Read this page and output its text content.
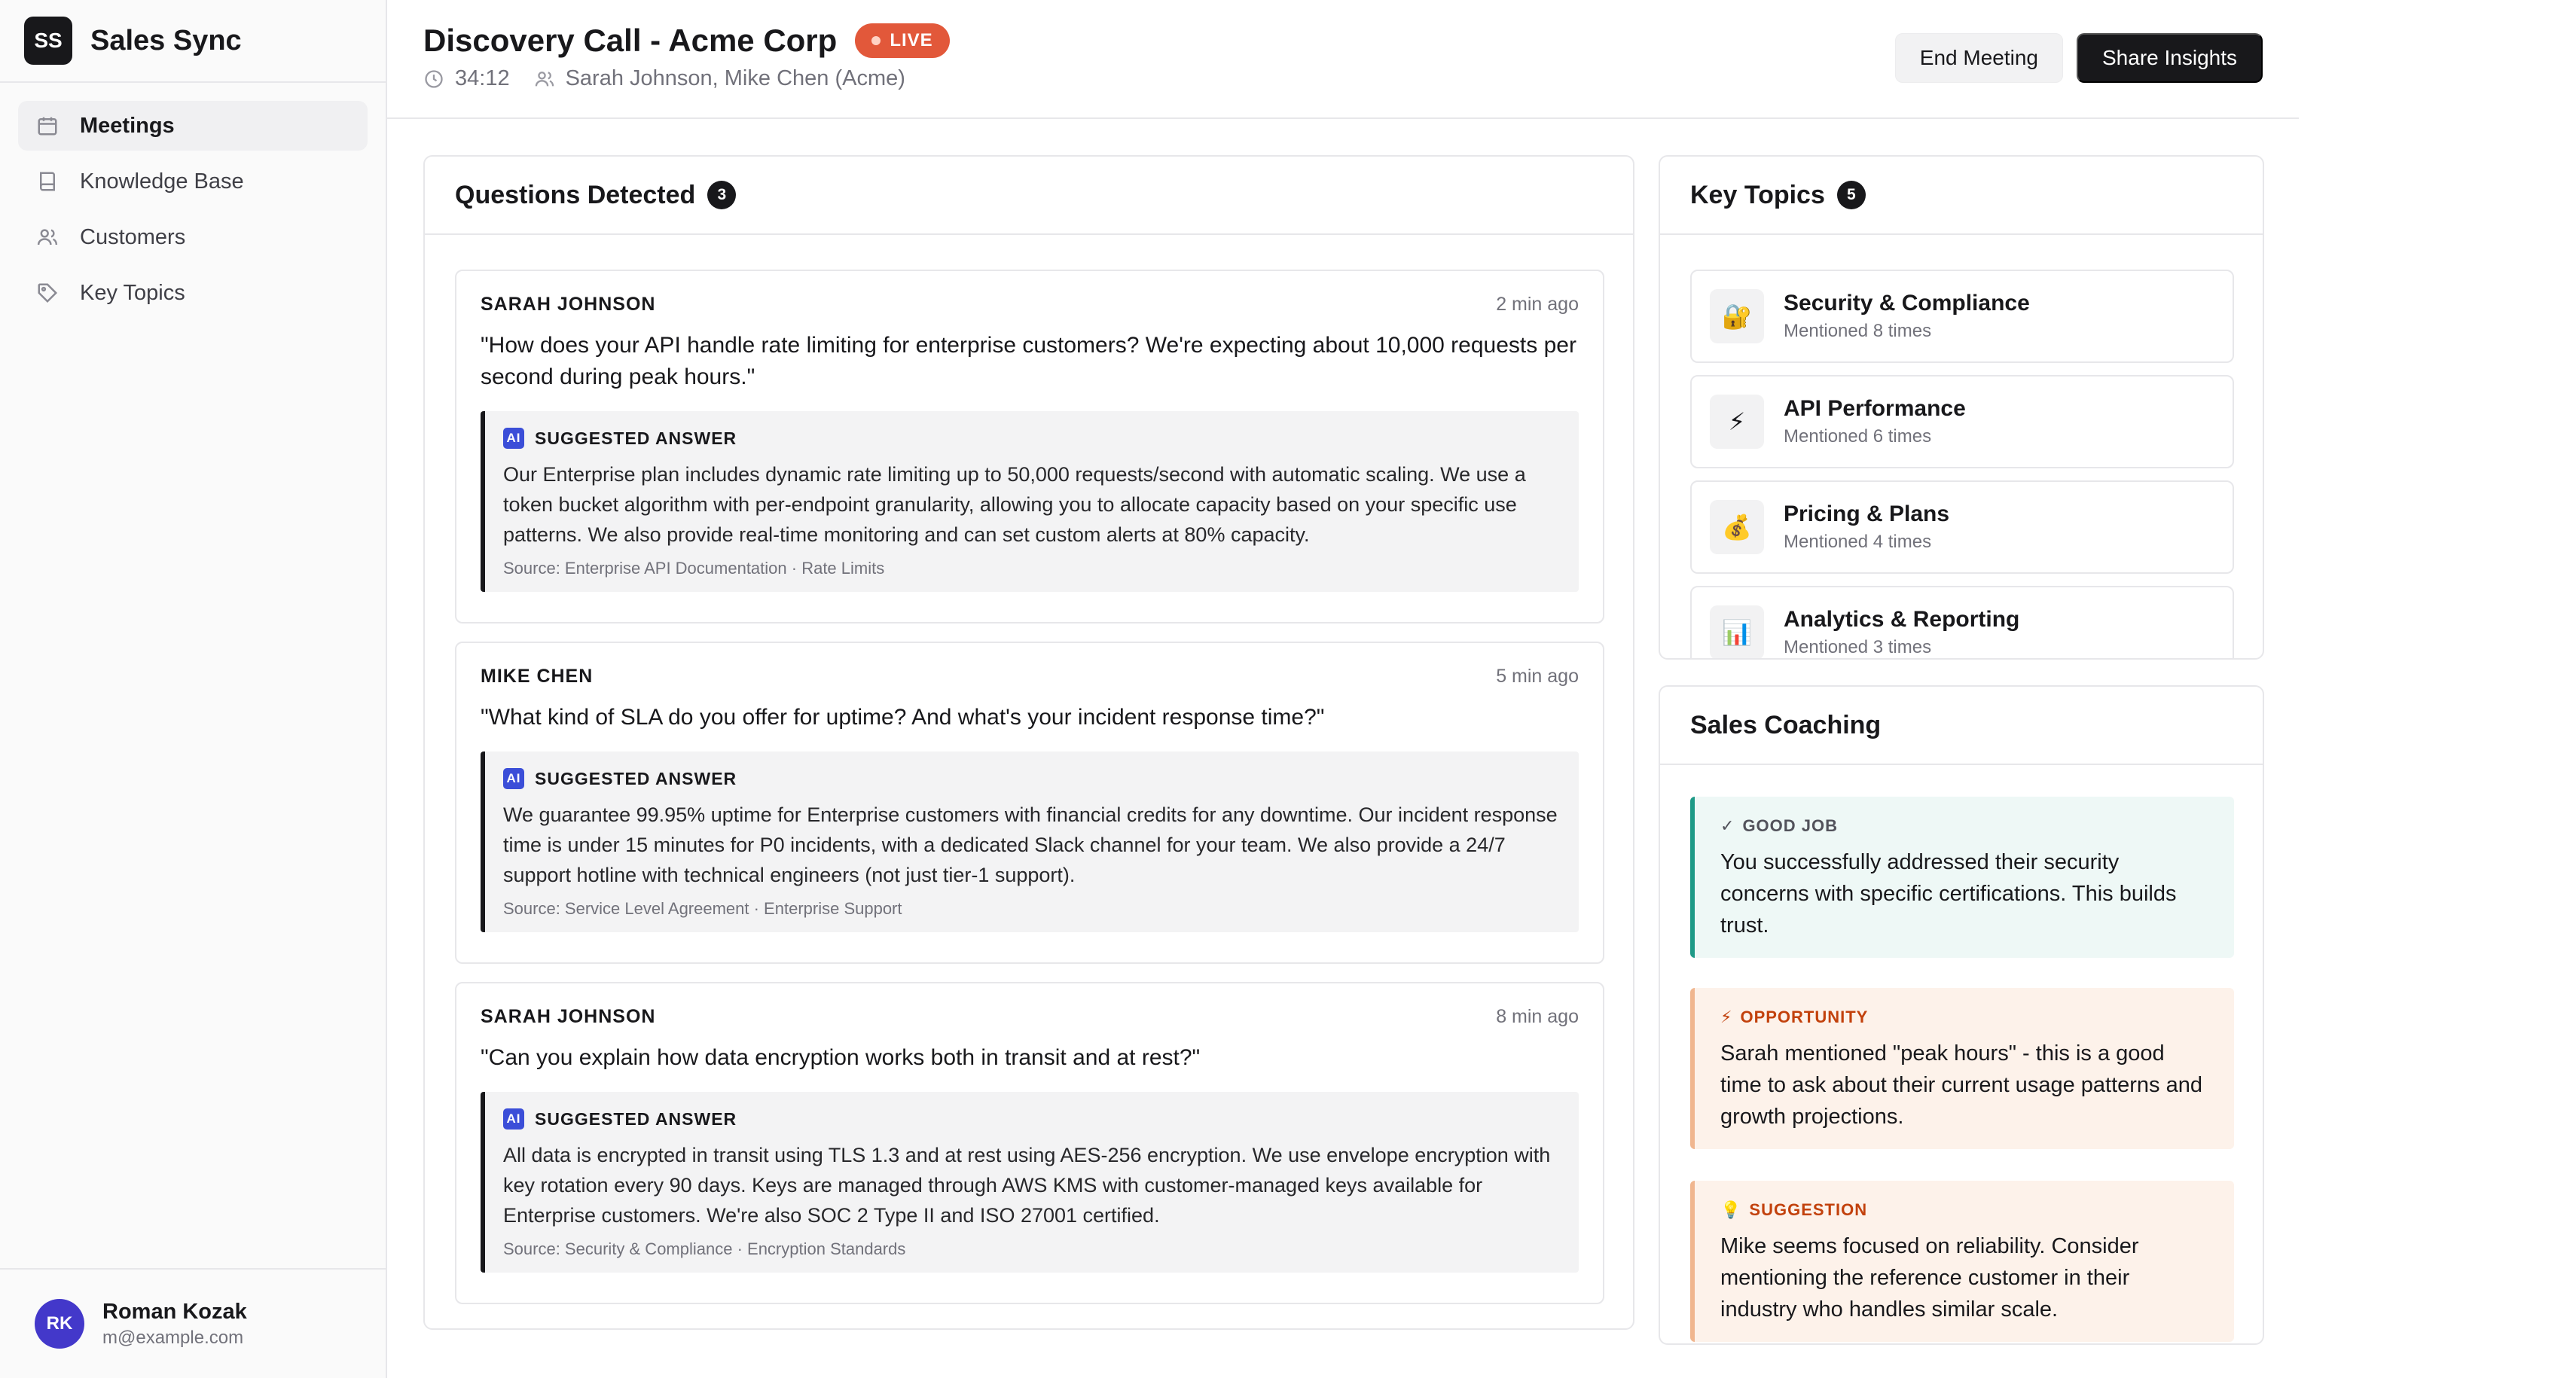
SS Sales Sync
Meetings
Knowledge Base
Customers
Key Topics
RK	Roman Kozak
m@example.com
Discovery Call - Acme Corp	LIVE
34:12	Sarah Johnson, Mike Chen (Acme)
End Meeting	Share Insights
Questions Detected	3
SARAH JOHNSON	2 min ago

"How does your API handle rate limiting for enterprise customers? We're expecting about 10,000 requests per second during peak hours."

AI SUGGESTED ANSWER

Our Enterprise plan includes dynamic rate limiting up to 50,000 requests/second with automatic scaling. We use a token bucket algorithm with per-endpoint granularity, allowing you to allocate capacity based on your specific use patterns. We also provide real-time monitoring and can set custom alerts at 80% capacity.

Source: Enterprise API Documentation · Rate Limits

MIKE CHEN	5 min ago

"What kind of SLA do you offer for uptime? And what's your incident response time?"

AI SUGGESTED ANSWER

We guarantee 99.95% uptime for Enterprise customers with financial credits for any downtime. Our incident response time is under 15 minutes for P0 incidents, with a dedicated Slack channel for your team. We also provide a 24/7 support hotline with technical engineers (not just tier-1 support).

Source: Service Level Agreement · Enterprise Support

SARAH JOHNSON	8 min ago

"Can you explain how data encryption works both in transit and at rest?"

AI SUGGESTED ANSWER

All data is encrypted in transit using TLS 1.3 and at rest using AES-256 encryption. We use envelope encryption with key rotation every 90 days. Keys are managed through AWS KMS with customer-managed keys available for Enterprise customers. We're also SOC 2 Type II and ISO 27001 certified.

Source: Security & Compliance · Encryption Standards

Key Topics	5
🔐	Security & Compliance
Mentioned 8 times
⚡	API Performance
Mentioned 6 times
💰	Pricing & Plans
Mentioned 4 times
📊	Analytics & Reporting
Mentioned 3 times
Sales Coaching
✓ GOOD JOB

You successfully addressed their security concerns with specific certifications. This builds trust.

⚡ OPPORTUNITY

Sarah mentioned "peak hours" - this is a good time to ask about their current usage patterns and growth projections.

💡 SUGGESTION

Mike seems focused on reliability. Consider mentioning the reference customer in their industry who handles similar scale.
